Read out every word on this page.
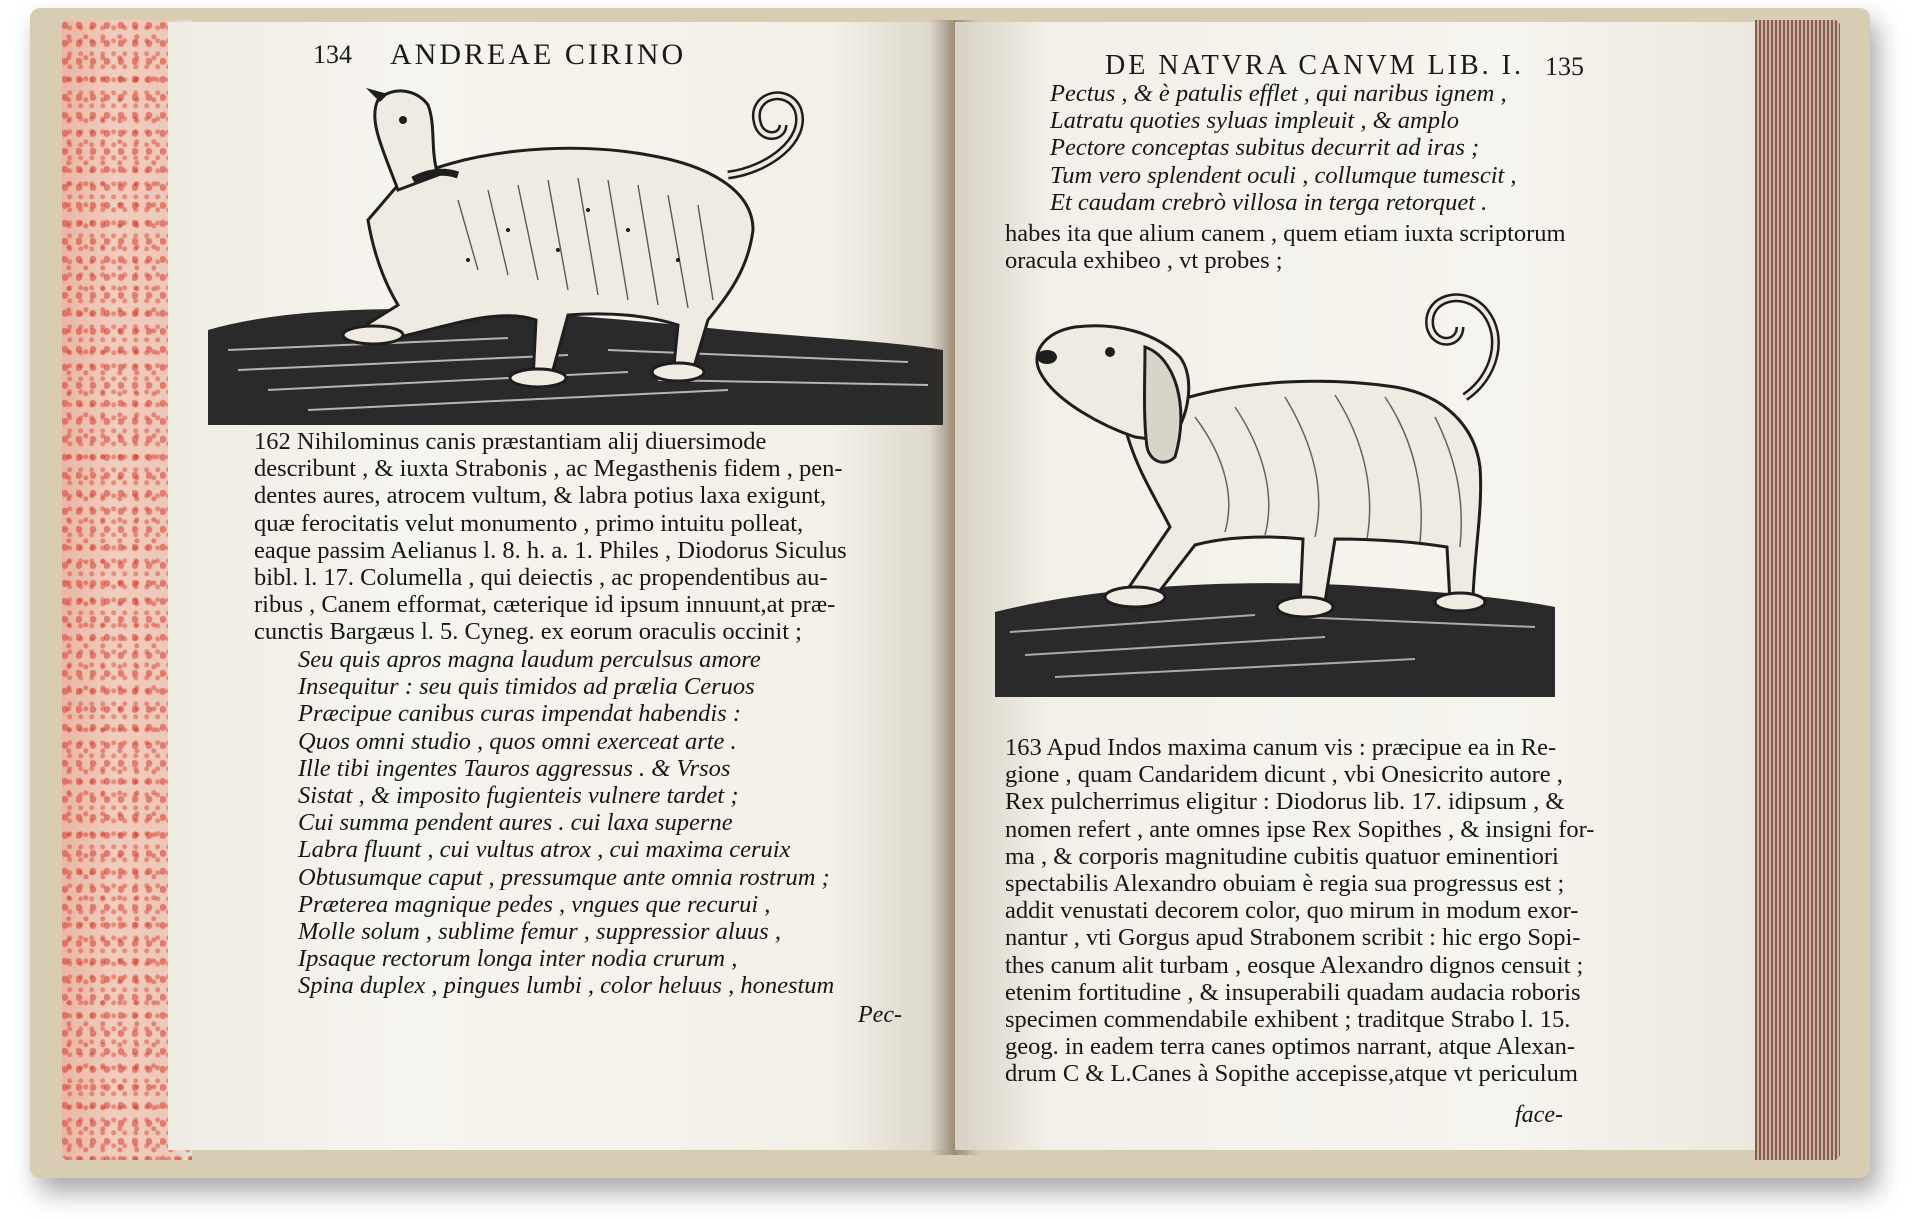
134 ANDREAE CIRINO
162 Nihilominus canis præstantiam alij diuersimode
describunt , & iuxta Strabonis , ac Megasthenis fidem , pen-
dentes aures, atrocem vultum, & labra potius laxa exigunt,
quæ ferocitatis velut monumento , primo intuitu polleat,
eaque passim Aelianus l. 8. h. a. 1. Philes , Diodorus Siculus
bibl. l. 17. Columella , qui deiectis , ac propendentibus au-
ribus , Canem efformat, cæterique id ipsum innuunt,at præ-
cunctis Bargæus l. 5. Cyneg. ex eorum oraculis occinit ;
Seu quis apros magna laudum perculsus amore
Insequitur : seu quis timidos ad prælia Ceruos
Præcipue canibus curas impendat habendis :
Quos omni studio , quos omni exerceat arte .
Ille tibi ingentes Tauros aggressus . & Vrsos
Sistat , & imposito fugienteis vulnere tardet ;
Cui summa pendent aures . cui laxa superne
Labra fluunt , cui vultus atrox , cui maxima ceruix
Obtusumque caput , pressumque ante omnia rostrum ;
Præterea magnique pedes , vngues que recurui ,
Molle solum , sublime femur , suppressior aluus ,
Ipsaque rectorum longa inter nodia crurum ,
Spina duplex , pingues lumbi , color heluus , honestum
Pec-
DE NATVRA CANVM LIB. I. 135
Pectus , & è patulis efflet , qui naribus ignem ,
Latratu quoties syluas impleuit , & amplo
Pectore conceptas subitus decurrit ad iras ;
Tum vero splendent oculi , collumque tumescit ,
Et caudam crebrò villosa in terga retorquet .
habes ita que alium canem , quem etiam iuxta scriptorum
oracula exhibeo , vt probes ;
163 Apud Indos maxima canum vis : præcipue ea in Re-
gione , quam Candaridem dicunt , vbi Onesicrito autore ,
Rex pulcherrimus eligitur : Diodorus lib. 17. idipsum , &
nomen refert , ante omnes ipse Rex Sopithes , & insigni for-
ma , & corporis magnitudine cubitis quatuor eminentiori
spectabilis Alexandro obuiam è regia sua progressus est ;
addit venustati decorem color, quo mirum in modum exor-
nantur , vti Gorgus apud Strabonem scribit : hic ergo Sopi-
thes canum alit turbam , eosque Alexandro dignos censuit ;
etenim fortitudine , & insuperabili quadam audacia roboris
specimen commendabile exhibent ; traditque Strabo l. 15.
geog. in eadem terra canes optimos narrant, atque Alexan-
drum C & L.Canes à Sopithe accepisse,atque vt periculum
face-
